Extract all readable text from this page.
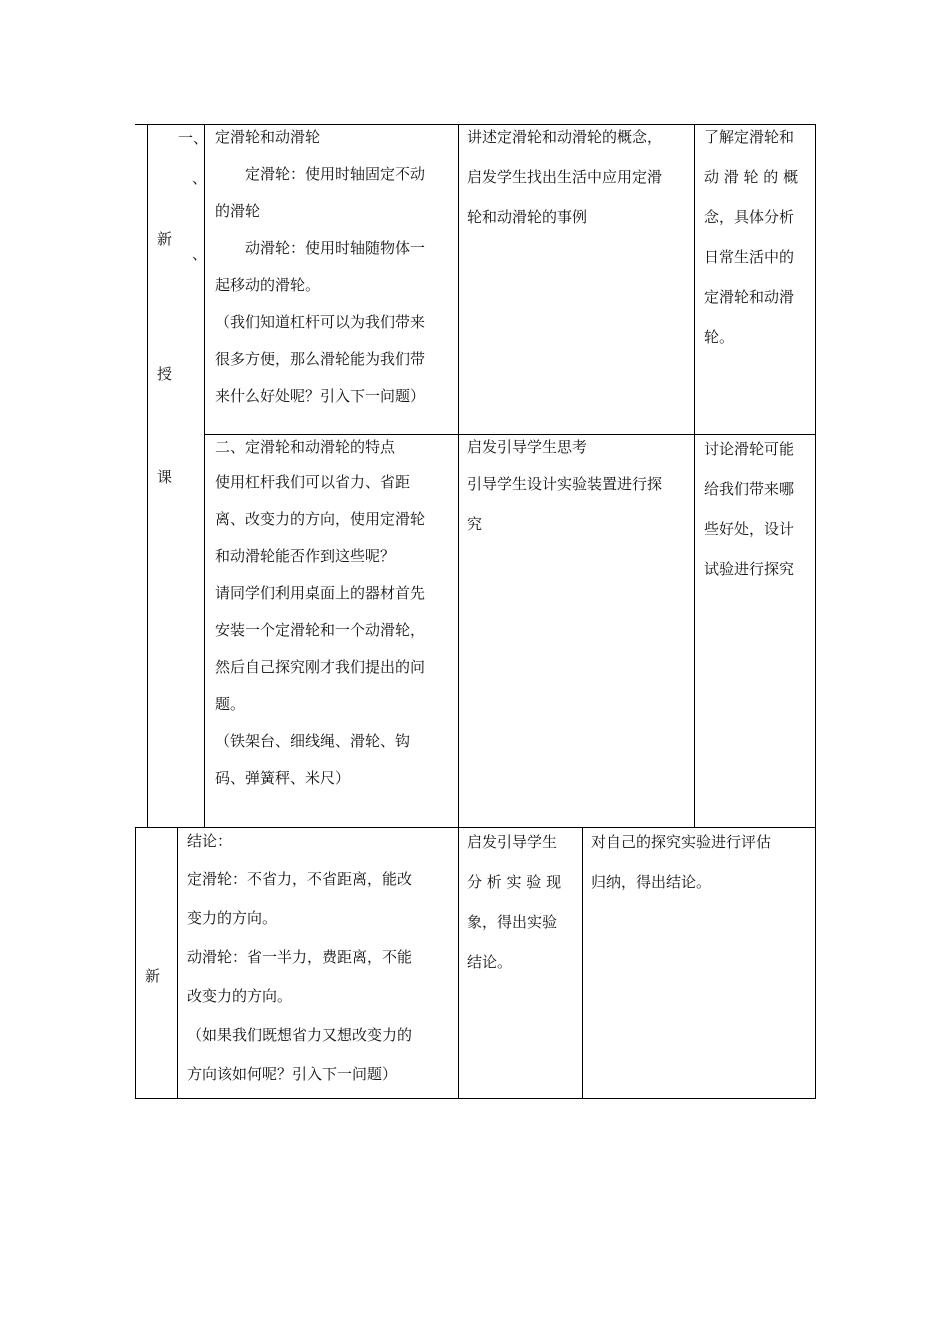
新
授
课
一、
、
、
定滑轮和动滑轮
　　定滑轮：使用时轴固定不动
的滑轮
　　动滑轮：使用时轴随物体一
起移动的滑轮。
（我们知道杠杆可以为我们带来
很多方便，那么滑轮能为我们带
来什么好处呢？引入下一问题）
讲述定滑轮和动滑轮的概念，
启发学生找出生活中应用定滑
轮和动滑轮的事例
了解定滑轮和
动 滑 轮 的 概
念，具体分析
日常生活中的
定滑轮和动滑
轮。
二、定滑轮和动滑轮的特点
使用杠杆我们可以省力、省距
离、改变力的方向，使用定滑轮
和动滑轮能否作到这些呢？
请同学们利用桌面上的器材首先
安装一个定滑轮和一个动滑轮，
然后自己探究刚才我们提出的问
题。
（铁架台、细线绳、滑轮、钩
码、弹簧秤、米尺）
启发引导学生思考
引导学生设计实验装置进行探
究
讨论滑轮可能
给我们带来哪
些好处，设计
试验进行探究
新
结论：
定滑轮：不省力，不省距离，能改
变力的方向。
动滑轮：省一半力，费距离，不能
改变力的方向。
（如果我们既想省力又想改变力的
方向该如何呢？引入下一问题）
启发引导学生
分 析 实 验 现
象，得出实验
结论。
对自己的探究实验进行评估
归纳，得出结论。
